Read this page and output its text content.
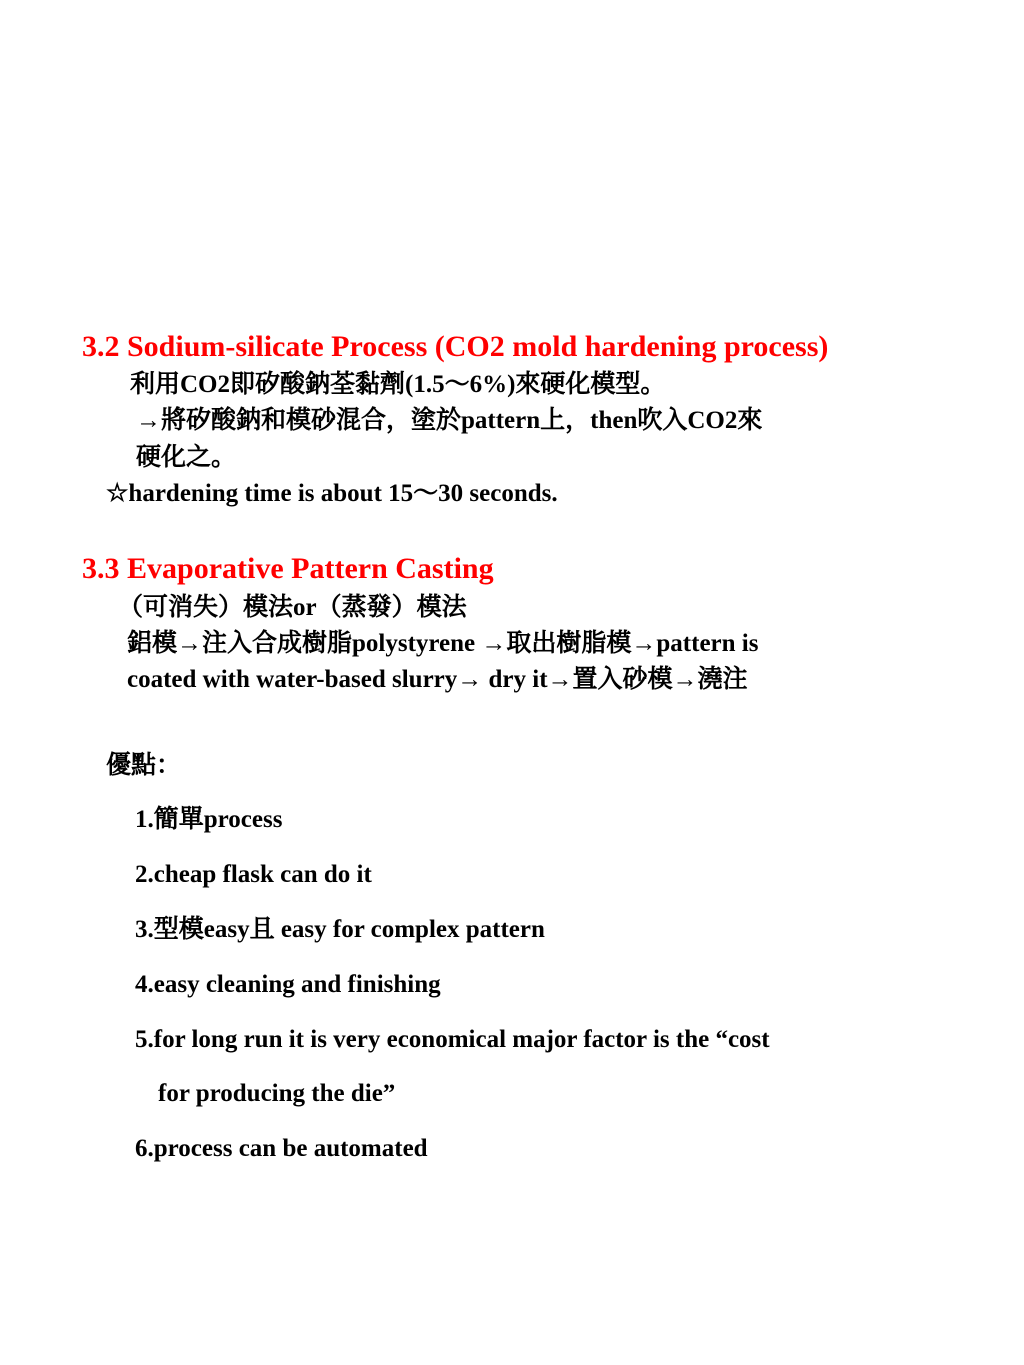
3.2 Sodium-silicate Process (CO2 mold hardening process)
利用CO2即矽酸鈉荃黏劑(1.5～6%)來硬化模型。
→將矽酸鈉和模砂混合，塗於pattern上，then吹入CO2來
硬化之。
☆hardening time is about 15～30 seconds.
3.3 Evaporative Pattern Casting
（可消失）模法or（蒸發）模法
鋁模→注入合成樹脂polystyrene →取出樹脂模→pattern is
coated with water-based slurry→ dry it→置入砂模→澆注
優點：
1.簡單process
2.cheap flask can do it
3.型模easy且 easy for complex pattern
4.easy cleaning and finishing
5.for long run it is very economical major factor is the “cost
for producing the die”
6.process can be automated
